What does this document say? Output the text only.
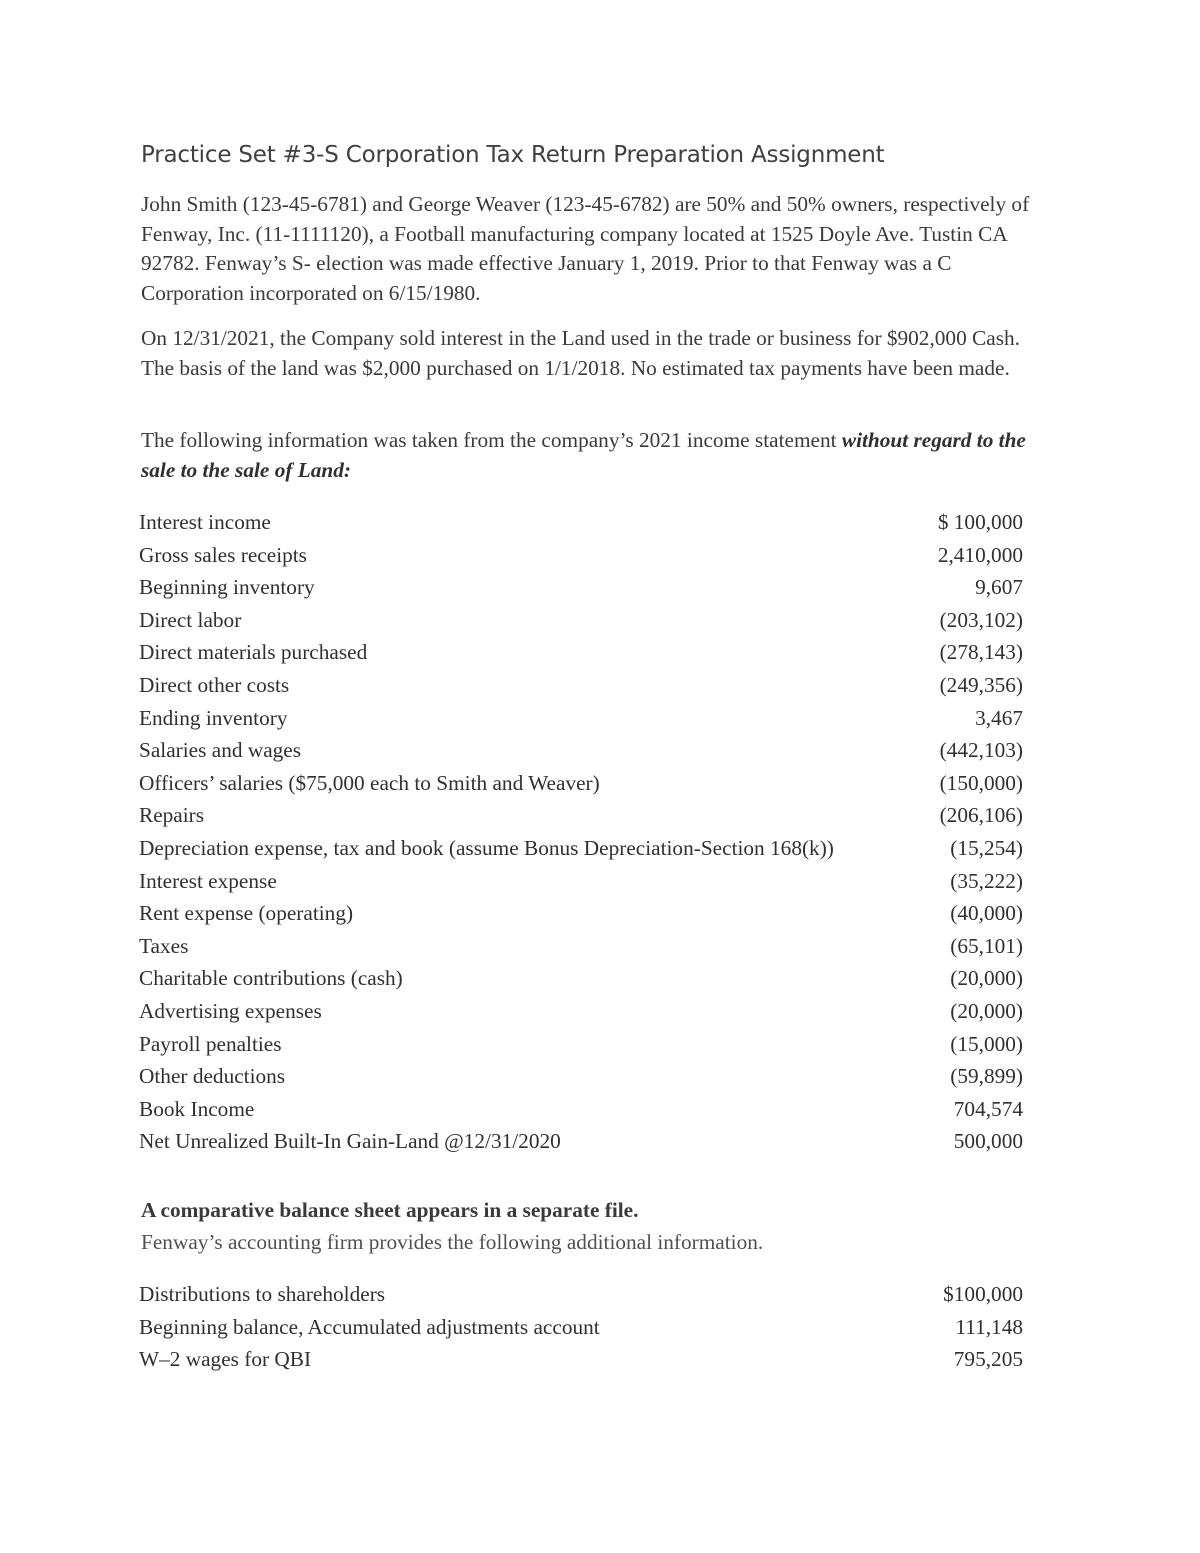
Practice Set #3-S Corporation Tax Return Preparation Assignment

John Smith (123-45-6781) and George Weaver (123-45-6782) are 50% and 50% owners, respectively of Fenway, Inc. (11-1111120), a Football manufacturing company located at 1525 Doyle Ave. Tustin CA 92782. Fenway’s S- election was made effective January 1, 2019. Prior to that Fenway was a C Corporation incorporated on 6/15/1980.

On 12/31/2021, the Company sold interest in the Land used in the trade or business for $902,000 Cash. The basis of the land was $2,000 purchased on 1/1/2018. No estimated tax payments have been made.

The following information was taken from the company’s 2021 income statement without regard to the sale to the sale of Land:

Interest income	$ 100,000
Gross sales receipts	2,410,000
Beginning inventory	9,607
Direct labor	(203,102)
Direct materials purchased	(278,143)
Direct other costs	(249,356)
Ending inventory	3,467
Salaries and wages	(442,103)
Officers’ salaries ($75,000 each to Smith and Weaver)	(150,000)
Repairs	(206,106)
Depreciation expense, tax and book (assume Bonus Depreciation-Section 168(k))	(15,254)
Interest expense	(35,222)
Rent expense (operating)	(40,000)
Taxes	(65,101)
Charitable contributions (cash)	(20,000)
Advertising expenses	(20,000)
Payroll penalties	(15,000)
Other deductions	(59,899)
Book Income	704,574
Net Unrealized Built-In Gain-Land @12/31/2020	500,000

A comparative balance sheet appears in a separate file.

Fenway’s accounting firm provides the following additional information.

Distributions to shareholders	$100,000
Beginning balance, Accumulated adjustments account	111,148
W–2 wages for QBI	795,205
